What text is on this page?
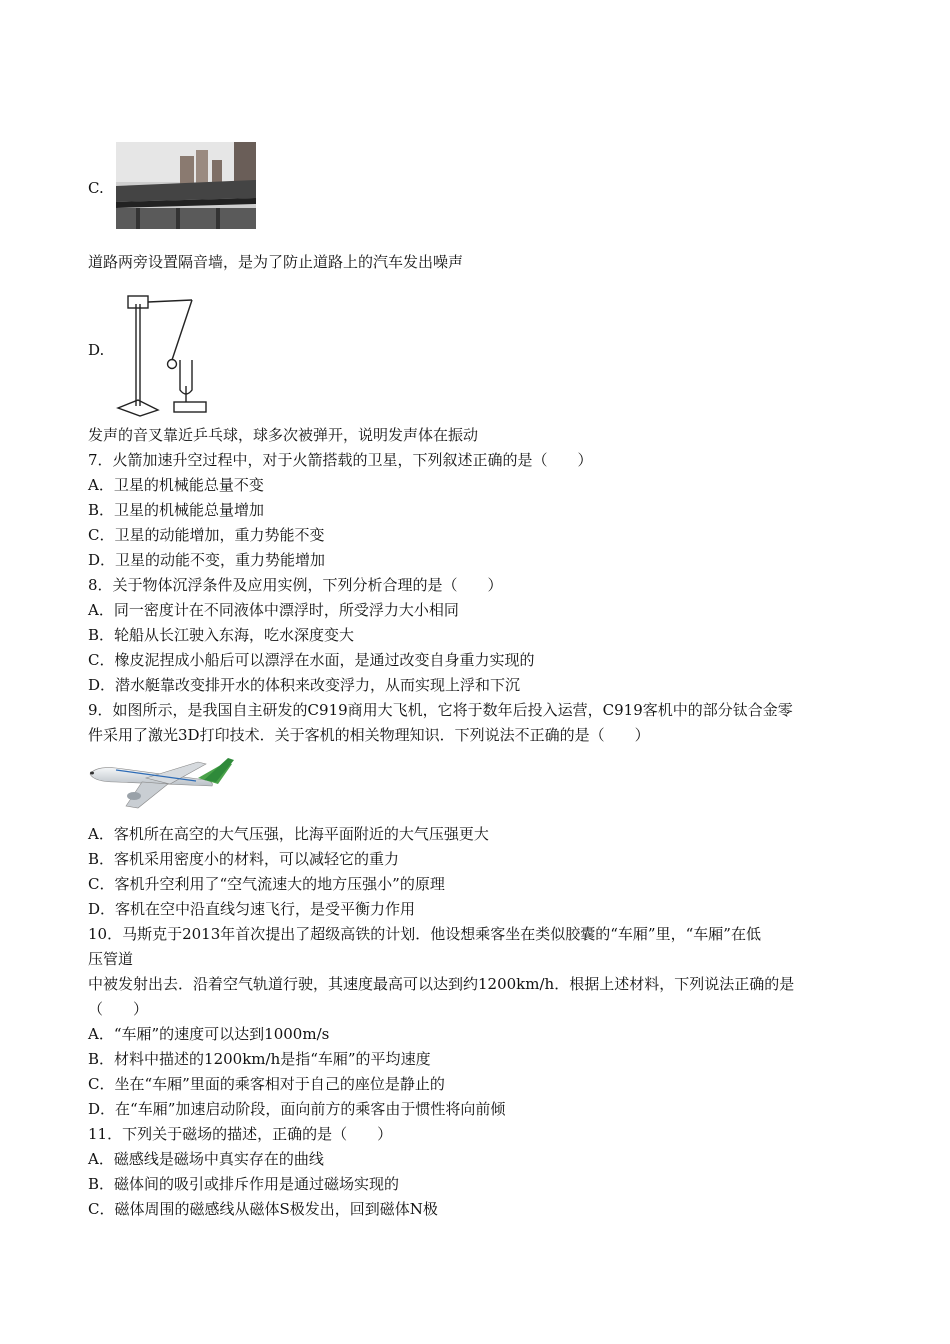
C.
道路两旁设置隔音墙，是为了防止道路上的汽车发出噪声
D.
发声的音叉靠近乒乓球，球多次被弹开，说明发声体在振动
7．火箭加速升空过程中，对于火箭搭载的卫星，下列叙述正确的是（　　）
A．卫星的机械能总量不变
B．卫星的机械能总量增加
C．卫星的动能增加，重力势能不变
D．卫星的动能不变，重力势能增加
8．关于物体沉浮条件及应用实例，下列分析合理的是（　　）
A．同一密度计在不同液体中漂浮时，所受浮力大小相同
B．轮船从长江驶入东海，吃水深度变大
C．橡皮泥捏成小船后可以漂浮在水面，是通过改变自身重力实现的
D．潜水艇靠改变排开水的体积来改变浮力，从而实现上浮和下沉
9．如图所示，是我国自主研发的C919商用大飞机，它将于数年后投入运营，C919客机中的部分钛合金零
件采用了激光3D打印技术．关于客机的相关物理知识．下列说法不正确的是（　　）
A．客机所在高空的大气压强，比海平面附近的大气压强更大
B．客机采用密度小的材料，可以减轻它的重力
C．客机升空利用了“空气流速大的地方压强小”的原理
D．客机在空中沿直线匀速飞行，是受平衡力作用
10．马斯克于2013年首次提出了超级高铁的计划．他设想乘客坐在类似胶囊的“车厢”里，“车厢”在低
压管道
中被发射出去．沿着空气轨道行驶，其速度最高可以达到约1200km/h．根据上述材料，下列说法正确的是
（　　）
A．“车厢”的速度可以达到1000m/s
B．材料中描述的1200km/h是指“车厢”的平均速度
C．坐在“车厢”里面的乘客相对于自己的座位是静止的
D．在“车厢”加速启动阶段，面向前方的乘客由于惯性将向前倾
11．下列关于磁场的描述，正确的是（　　）
A．磁感线是磁场中真实存在的曲线
B．磁体间的吸引或排斥作用是通过磁场实现的
C．磁体周围的磁感线从磁体S极发出，回到磁体N极
